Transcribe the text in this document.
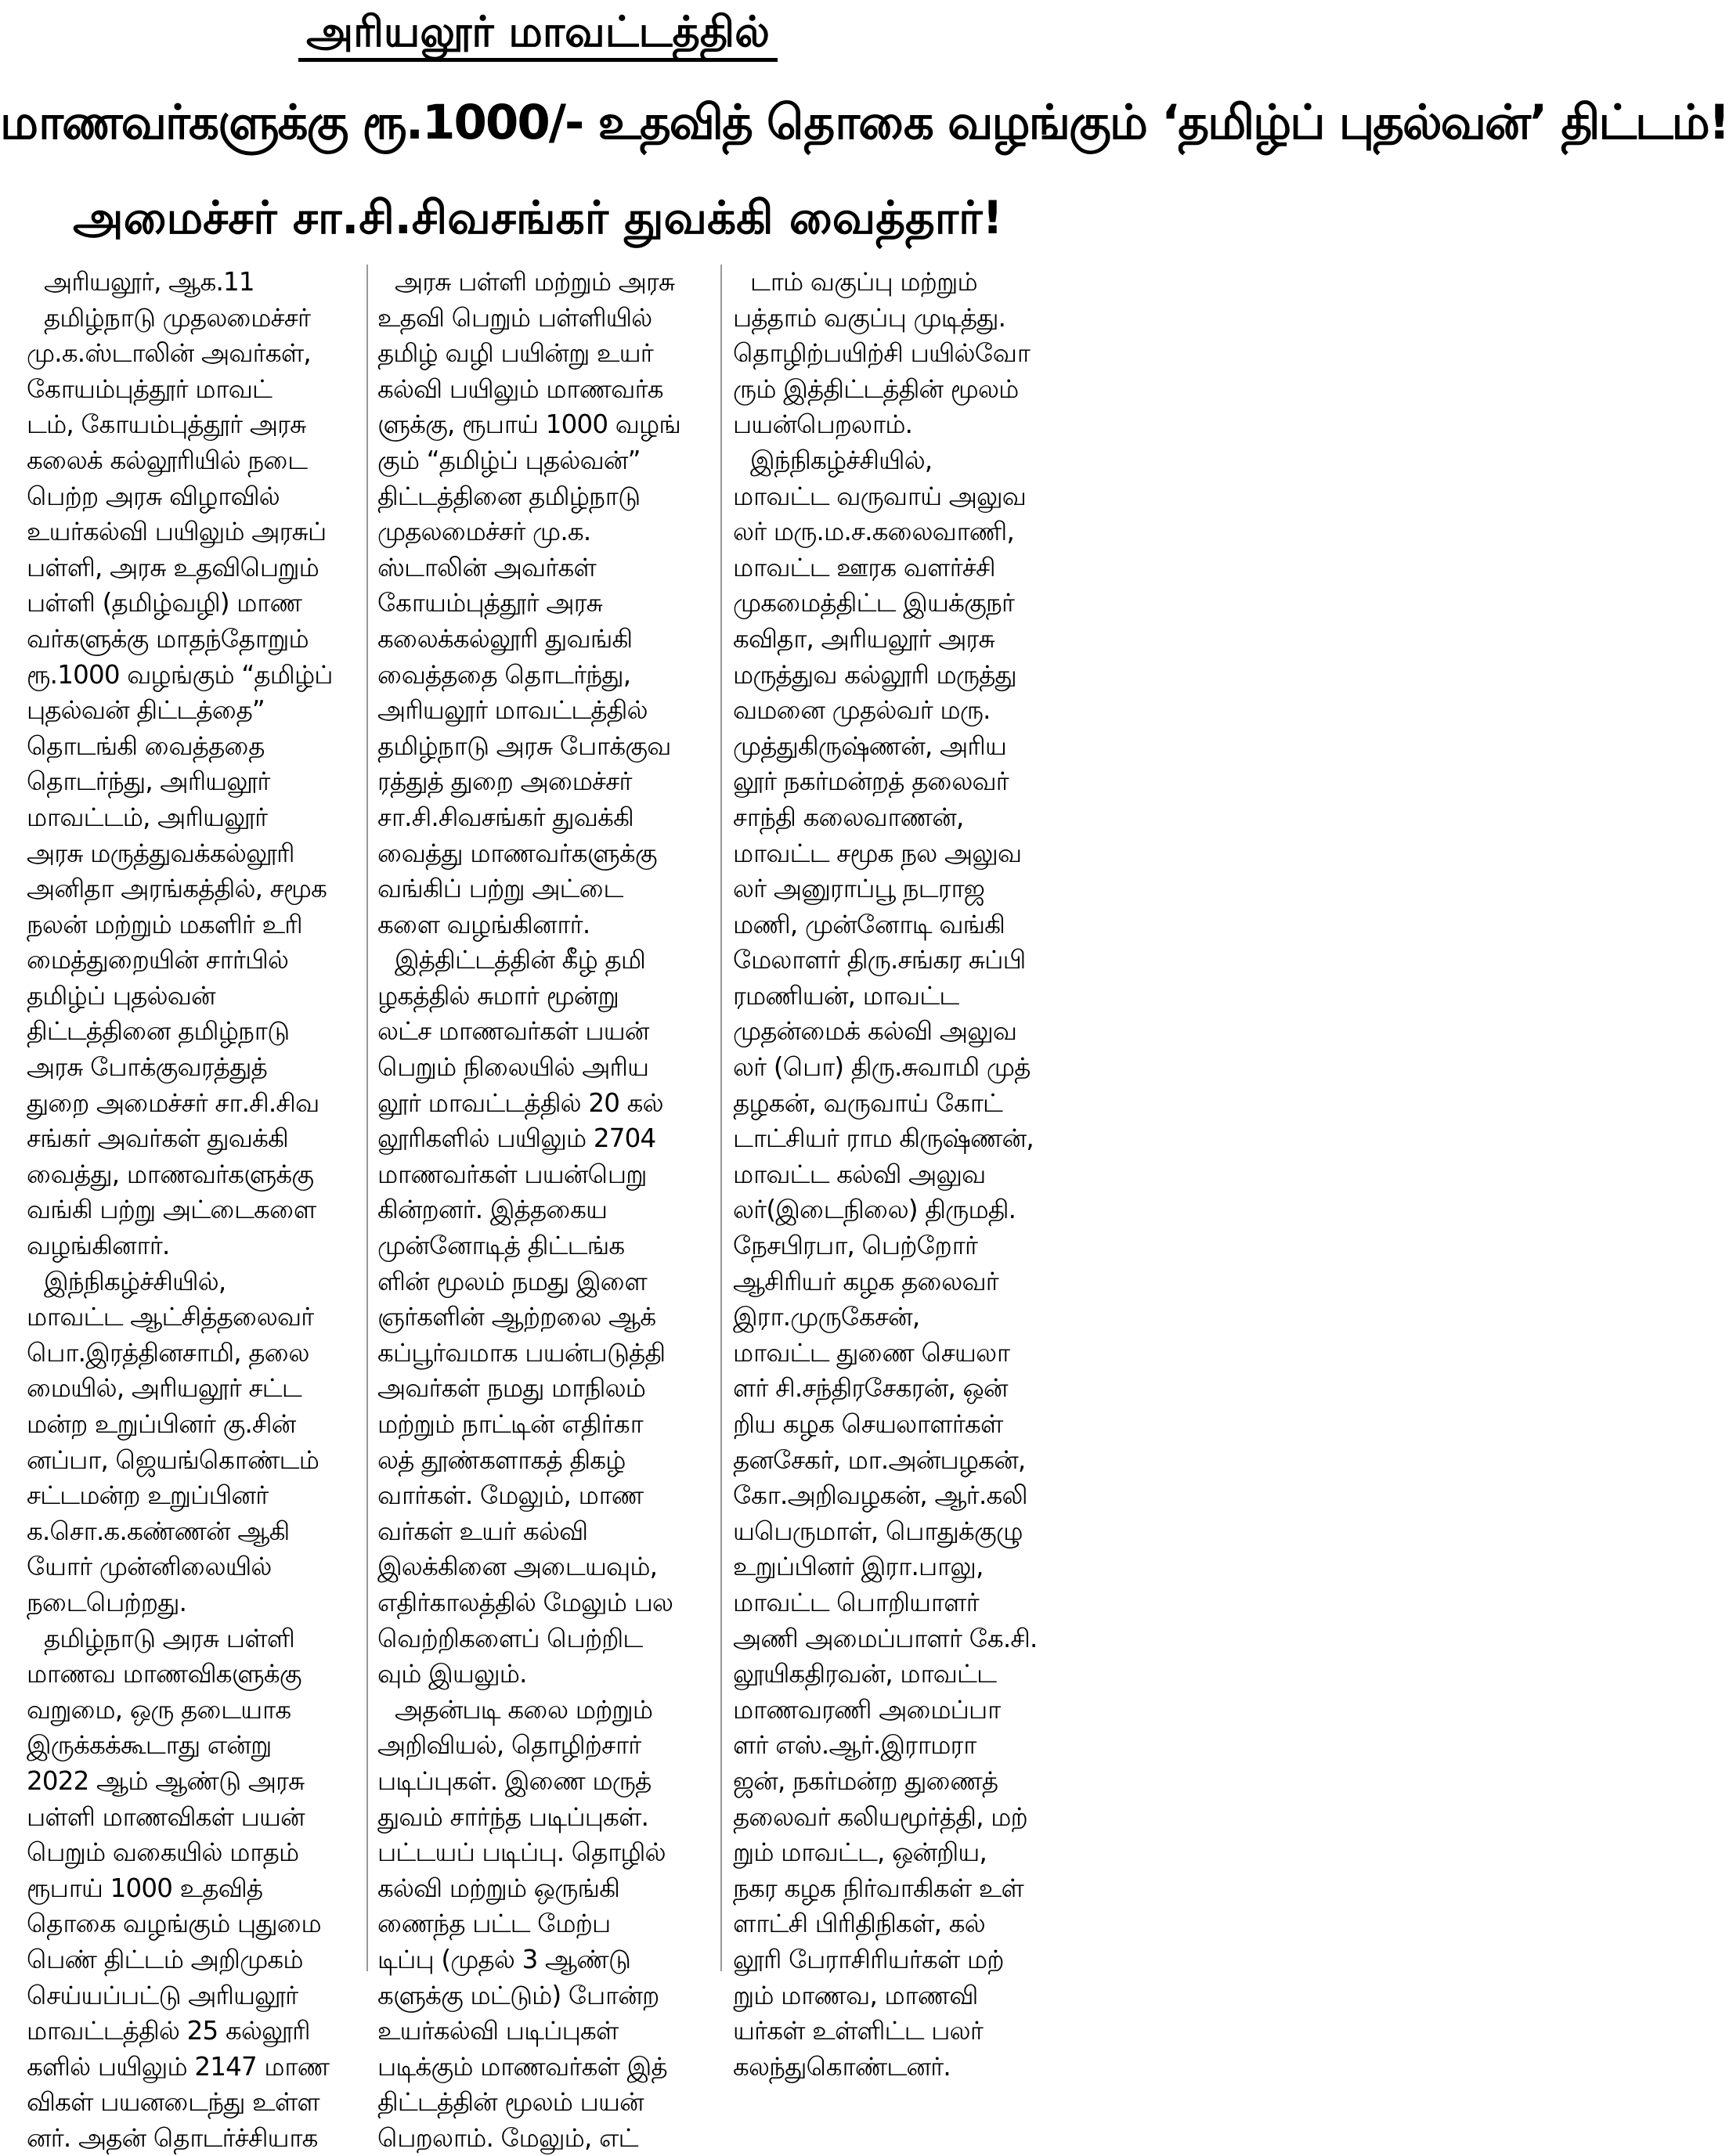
அரியலூர் மாவட்டத்தில்
மாணவர்களுக்கு ரூ.1000/- உதவித் தொகை வழங்கும் ‘தமிழ்ப் புதல்வன்’ திட்டம்!
அமைச்சர் சா.சி.சிவசங்கர் துவக்கி வைத்தார்!

அரியலூர், ஆக.11

தமிழ்நாடு முதலமைச்சர்
மு.க.ஸ்டாலின் அவர்கள்,
கோயம்புத்தூர் மாவட்
டம், கோயம்புத்தூர் அரசு
கலைக் கல்லூரியில் நடை
பெற்ற அரசு விழாவில்
உயர்கல்வி பயிலும் அரசுப்
பள்ளி, அரசு உதவிபெறும்
பள்ளி (தமிழ்வழி) மாண
வர்களுக்கு மாதந்தோறும்
ரூ.1000 வழங்கும் “தமிழ்ப்
புதல்வன் திட்டத்தை”
தொடங்கி வைத்ததை
தொடர்ந்து, அரியலூர்
மாவட்டம், அரியலூர்
அரசு மருத்துவக்கல்லூரி
அனிதா அரங்கத்தில், சமூக
நலன் மற்றும் மகளிர் உரி
மைத்துறையின் சார்பில்
தமிழ்ப் புதல்வன்
திட்டத்தினை தமிழ்நாடு
அரசு போக்குவரத்துத்
துறை அமைச்சர் சா.சி.சிவ
சங்கர் அவர்கள் துவக்கி
வைத்து, மாணவர்களுக்கு
வங்கி பற்று அட்டைகளை
வழங்கினார்.

இந்நிகழ்ச்சியில்,
மாவட்ட ஆட்சித்தலைவர்
பொ.இரத்தினசாமி, தலை
மையில், அரியலூர் சட்ட
மன்ற உறுப்பினர் கு.சின்
னப்பா, ஜெயங்கொண்டம்
சட்டமன்ற உறுப்பினர்
க.சொ.க.கண்ணன் ஆகி
யோர் முன்னிலையில்
நடைபெற்றது.

தமிழ்நாடு அரசு பள்ளி
மாணவ மாணவிகளுக்கு
வறுமை, ஒரு தடையாக
இருக்கக்கூடாது என்று
2022 ஆம் ஆண்டு அரசு
பள்ளி மாணவிகள் பயன்
பெறும் வகையில் மாதம்
ரூபாய் 1000 உதவித்
தொகை வழங்கும் புதுமை
பெண் திட்டம் அறிமுகம்
செய்யப்பட்டு அரியலூர்
மாவட்டத்தில் 25 கல்லூரி
களில் பயிலும் 2147 மாண
விகள் பயனடைந்து உள்ள
னர். அதன் தொடர்ச்சியாக

அரசு பள்ளி மற்றும் அரசு
உதவி பெறும் பள்ளியில்
தமிழ் வழி பயின்று உயர்
கல்வி பயிலும் மாணவர்க
ளுக்கு, ரூபாய் 1000 வழங்
கும் “தமிழ்ப் புதல்வன்”
திட்டத்தினை தமிழ்நாடு
முதலமைச்சர் மு.க.
ஸ்டாலின் அவர்கள்
கோயம்புத்தூர் அரசு
கலைக்கல்லூரி துவங்கி
வைத்ததை தொடர்ந்து,
அரியலூர் மாவட்டத்தில்
தமிழ்நாடு அரசு போக்குவ
ரத்துத் துறை அமைச்சர்
சா.சி.சிவசங்கர் துவக்கி
வைத்து மாணவர்களுக்கு
வங்கிப் பற்று அட்டை
களை வழங்கினார்.

இத்திட்டத்தின் கீழ் தமி
ழகத்தில் சுமார் மூன்று
லட்ச மாணவர்கள் பயன்
பெறும் நிலையில் அரிய
லூர் மாவட்டத்தில் 20 கல்
லூரிகளில் பயிலும் 2704
மாணவர்கள் பயன்பெறு
கின்றனர். இத்தகைய
முன்னோடித் திட்டங்க
ளின் மூலம் நமது இளை
ஞர்களின் ஆற்றலை ஆக்
கப்பூர்வமாக பயன்படுத்தி
அவர்கள் நமது மாநிலம்
மற்றும் நாட்டின் எதிர்கா
லத் தூண்களாகத் திகழ்
வார்கள். மேலும், மாண
வர்கள் உயர் கல்வி
இலக்கினை அடையவும்,
எதிர்காலத்தில் மேலும் பல
வெற்றிகளைப் பெற்றிட
வும் இயலும்.

அதன்படி கலை மற்றும்
அறிவியல், தொழிற்சார்
படிப்புகள். இணை மருத்
துவம் சார்ந்த படிப்புகள்.
பட்டயப் படிப்பு. தொழில்
கல்வி மற்றும் ஒருங்கி
ணைந்த பட்ட மேற்ப
டிப்பு (முதல் 3 ஆண்டு
களுக்கு மட்டும்) போன்ற
உயர்கல்வி படிப்புகள்
படிக்கும் மாணவர்கள் இத்
திட்டத்தின் மூலம் பயன்
பெறலாம். மேலும், எட்

டாம் வகுப்பு மற்றும்
பத்தாம் வகுப்பு முடித்து.
தொழிற்பயிற்சி பயில்வோ
ரும் இத்திட்டத்தின் மூலம்
பயன்பெறலாம்.

இந்நிகழ்ச்சியில்,
மாவட்ட வருவாய் அலுவ
லர் மரு.ம.ச.கலைவாணி,
மாவட்ட ஊரக வளர்ச்சி
முகமைத்திட்ட இயக்குநர்
கவிதா, அரியலூர் அரசு
மருத்துவ கல்லூரி மருத்து
வமனை முதல்வர் மரு.
முத்துகிருஷ்ணன், அரிய
லூர் நகர்மன்றத் தலைவர்
சாந்தி கலைவாணன்,
மாவட்ட சமூக நல அலுவ
லர் அனுராப்பூ நடராஜ
மணி, முன்னோடி வங்கி
மேலாளர் திரு.சங்கர சுப்பி
ரமணியன், மாவட்ட
முதன்மைக் கல்வி அலுவ
லர் (பொ) திரு.சுவாமி முத்
தழகன், வருவாய் கோட்
டாட்சியர் ராம கிருஷ்ணன்,
மாவட்ட கல்வி அலுவ
லர்(இடைநிலை) திருமதி.
நேசபிரபா, பெற்றோர்
ஆசிரியர் கழக தலைவர்
இரா.முருகேசன்,
மாவட்ட துணை செயலா
ளர் சி.சந்திரசேகரன், ஒன்
றிய கழக செயலாளர்கள்
தனசேகர், மா.அன்பழகன்,
கோ.அறிவழகன், ஆர்.கலி
யபெருமாள், பொதுக்குழு
உறுப்பினர் இரா.பாலு,
மாவட்ட பொறியாளர்
அணி அமைப்பாளர் கே.சி.
லூயிகதிரவன், மாவட்ட
மாணவரணி அமைப்பா
ளர் எஸ்.ஆர்.இராமரா
ஜன், நகர்மன்ற துணைத்
தலைவர் கலியமூர்த்தி, மற்
றும் மாவட்ட, ஒன்றிய,
நகர கழக நிர்வாகிகள் உள்
ளாட்சி பிரிதிநிகள், கல்
லூரி பேராசிரியர்கள் மற்
றும் மாணவ, மாணவி
யர்கள் உள்ளிட்ட பலர்
கலந்துகொண்டனர்.
